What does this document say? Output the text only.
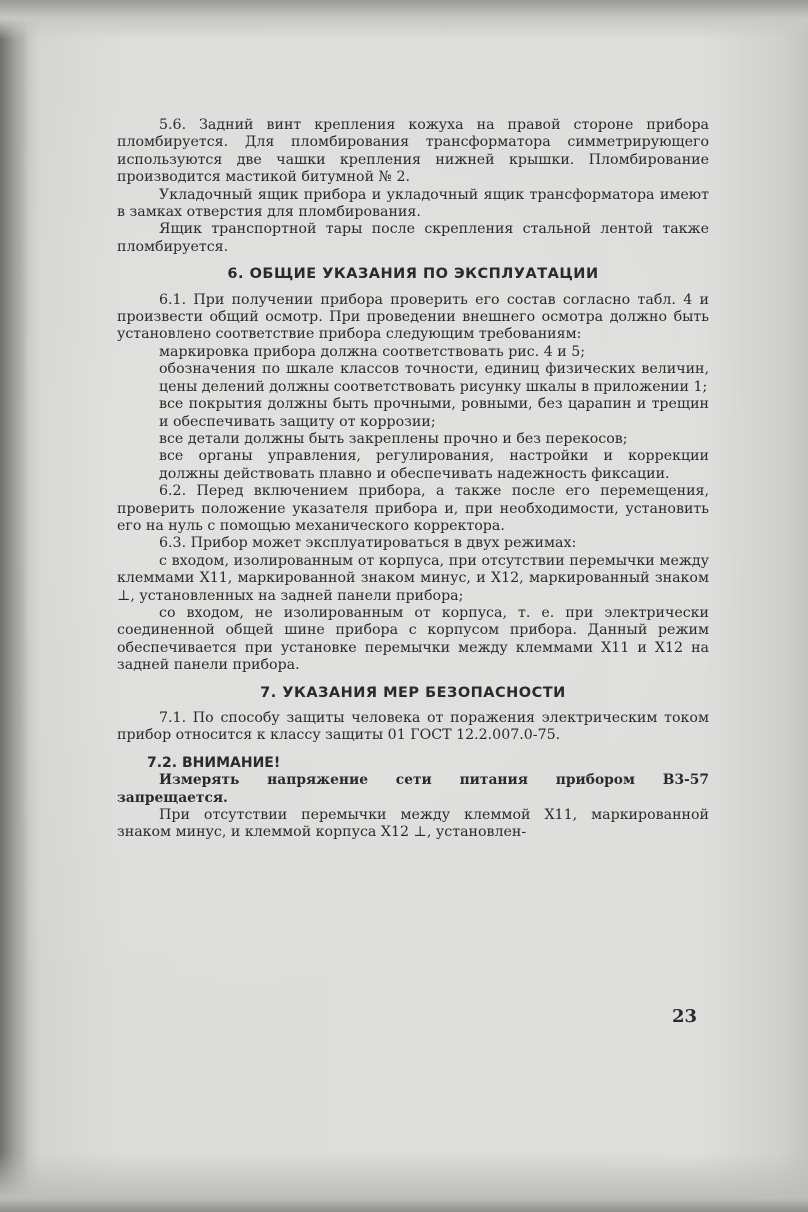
5.6. Задний винт крепления кожуха на правой стороне прибора пломбируется. Для пломбирования трансформатора симметрирующего используются две чашки крепления нижней крышки. Пломбирование производится мастикой битумной № 2.

Укладочный ящик прибора и укладочный ящик трансформатора имеют в замках отверстия для пломбирования.

Ящик транспортной тары после скрепления стальной лентой также пломбируется.

6. ОБЩИЕ УКАЗАНИЯ ПО ЭКСПЛУАТАЦИИ

6.1. При получении прибора проверить его состав согласно табл. 4 и произвести общий осмотр. При проведении внешнего осмотра должно быть установлено соответствие прибора следующим требованиям:

маркировка прибора должна соответствовать рис. 4 и 5;

обозначения по шкале классов точности, единиц физических величин, цены делений должны соответствовать рисунку шкалы в приложении 1;

все покрытия должны быть прочными, ровными, без царапин и трещин и обеспечивать защиту от коррозии;

все детали должны быть закреплены прочно и без перекосов;

все органы управления, регулирования, настройки и коррекции должны действовать плавно и обеспечивать надежность фиксации.

6.2. Перед включением прибора, а также после его перемещения, проверить положение указателя прибора и, при необходимости, установить его на нуль с помощью механического корректора.

6.3. Прибор может эксплуатироваться в двух режимах:

с входом, изолированным от корпуса, при отсутствии перемычки между клеммами X11, маркированной знаком минус, и X12, маркированный знаком ⊥, установленных на задней панели прибора;

со входом, не изолированным от корпуса, т. е. при электрически соединенной общей шине прибора с корпусом прибора. Данный режим обеспечивается при установке перемычки между клеммами X11 и X12 на задней панели прибора.

7. УКАЗАНИЯ МЕР БЕЗОПАСНОСТИ

7.1. По способу защиты человека от поражения электрическим током прибор относится к классу защиты 01 ГОСТ 12.2.007.0-75.

7.2. ВНИМАНИЕ!

Измерять напряжение сети питания прибором В3-57 запрещается.

При отсутствии перемычки между клеммой X11, маркированной знаком минус, и клеммой корпуса X12 ⊥, установлен-

23
